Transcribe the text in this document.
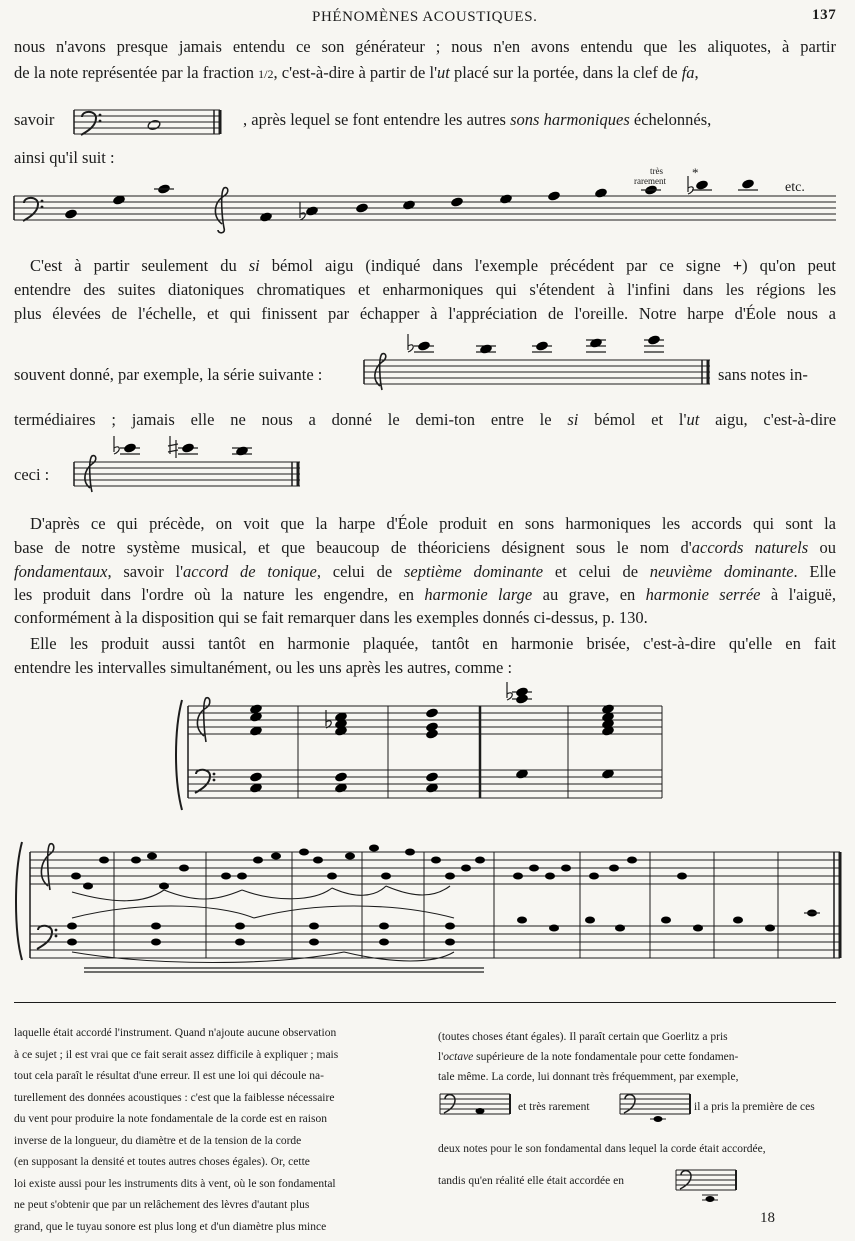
PHÉNOMÈNES ACOUSTIQUES.	137
nous n'avons presque jamais entendu ce son générateur ; nous n'en avons entendu que les aliquotes, à partir
de la note représentée par la fraction 1/2, c'est-à-dire à partir de l'ut placé sur la portée, dans la clef de fa,
savoir	, après lequel se font entendre les autres sons harmoniques échelonnés,
ainsi qu'il suit :
très
rarement
*
etc.
C'est à partir seulement du si bémol aigu (indiqué dans l'exemple précédent par ce signe +) qu'on peut
entendre des suites diatoniques chromatiques et enharmoniques qui s'étendent à l'infini dans les régions les
plus élevées de l'échelle, et qui finissent par échapper à l'appréciation de l'oreille. Notre harpe d'Éole nous a
souvent donné, par exemple, la série suivante :	sans notes in-
termédiaires ; jamais elle ne nous a donné le demi-ton entre le si bémol et l'ut aigu, c'est-à-dire
ceci :
D'après ce qui précède, on voit que la harpe d'Éole produit en sons harmoniques les accords qui sont la
base de notre système musical, et que beaucoup de théoriciens désignent sous le nom d'accords naturels ou
fondamentaux, savoir l'accord de tonique, celui de septième dominante et celui de neuvième dominante. Elle
les produit dans l'ordre où la nature les engendre, en harmonie large au grave, en harmonie serrée à l'aiguë,
conformément à la disposition qui se fait remarquer dans les exemples donnés ci-dessus, p. 130.
Elle les produit aussi tantôt en harmonie plaquée, tantôt en harmonie brisée, c'est-à-dire qu'elle en fait
entendre les intervalles simultanément, ou les uns après les autres, comme :
laquelle était accordé l'instrument. Quand n'ajoute aucune observation
à ce sujet ; il est vrai que ce fait serait assez difficile à expliquer ; mais
tout cela paraît le résultat d'une erreur. Il est une loi qui découle na-
turellement des données acoustiques : c'est que la faiblesse nécessaire
du vent pour produire la note fondamentale de la corde est en raison
inverse de la longueur, du diamètre et de la tension de la corde
(en supposant la densité et toutes autres choses égales). Or, cette
loi existe aussi pour les instruments dits à vent, où le son fondamental
ne peut s'obtenir que par un relâchement des lèvres d'autant plus
grand, que le tuyau sonore est plus long et d'un diamètre plus mince
(toutes choses étant égales). Il paraît certain que Goerlitz a pris
l'octave supérieure de la note fondamentale pour cette fondamen-
tale même. La corde, lui donnant très fréquemment, par exemple,
et très rarement	il a pris la première de ces
deux notes pour le son fondamental dans lequel la corde était accordée,
tandis qu'en réalité elle était accordée en
18
